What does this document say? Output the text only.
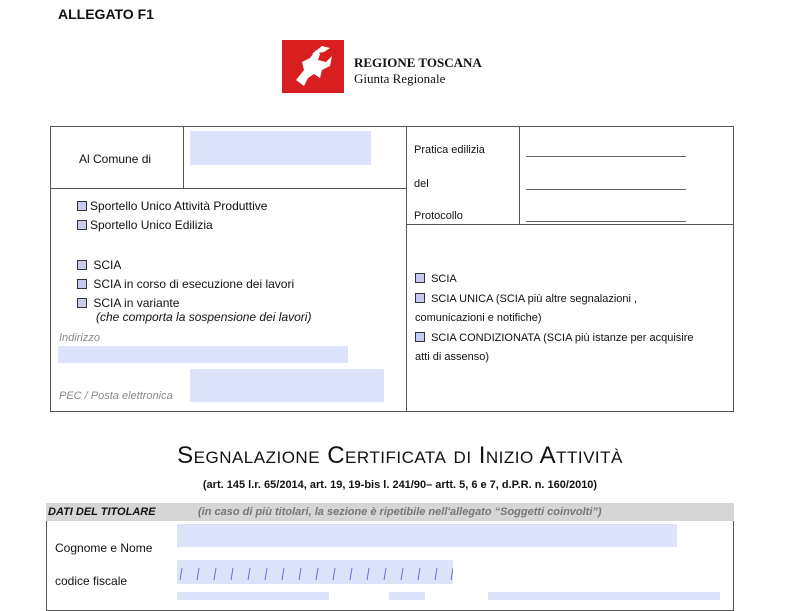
ALLEGATO F1
REGIONE TOSCANA
Giunta Regionale
Al Comune di
Sportello Unico Attività Produttive
Sportello Unico Edilizia
SCIA
SCIA in corso di esecuzione dei lavori
SCIA in variante
(che comporta la sospensione dei lavori)
Indirizzo
PEC / Posta elettronica
Pratica edilizia
del
Protocollo
SCIA
SCIA UNICA (SCIA più altre segnalazioni ,
comunicazioni e notifiche)
SCIA CONDIZIONATA (SCIA più istanze per acquisire
atti di assenso)
Segnalazione Certificata di Inizio Attività
(art. 145 l.r. 65/2014, art. 19, 19-bis l. 241/90– artt. 5, 6 e 7, d.P.R. n. 160/2010)
DATI DEL TITOLARE	(in caso di più titolari, la sezione è ripetibile nell'allegato “Soggetti coinvolti”)
Cognome e Nome
codice fiscale
